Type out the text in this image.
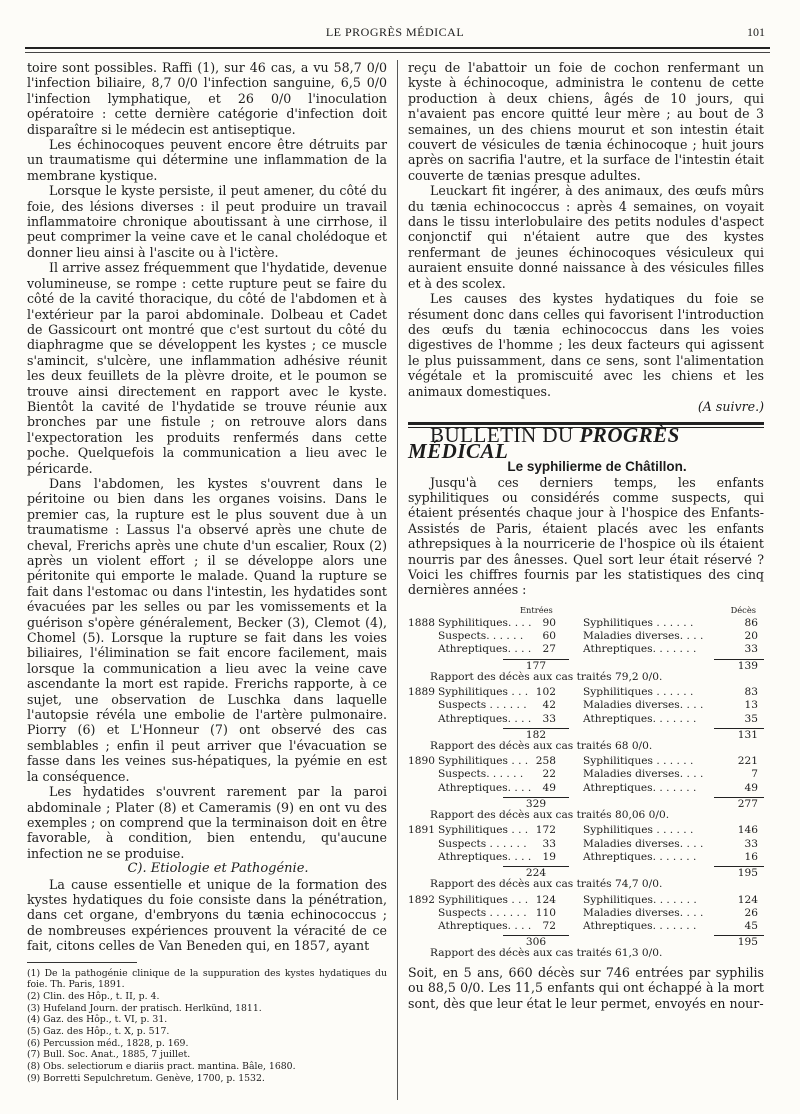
LE PROGRÈS MÉDICAL	101

toire sont possibles. Raffi (1), sur 46 cas, a vu 58,7 0/0 l'infection biliaire, 8,7 0/0 l'infection sanguine, 6,5 0/0 l'infection lymphatique, et 26 0/0 l'inoculation opératoire : cette dernière catégorie d'infection doit disparaître si le médecin est antiseptique.

Les échinocoques peuvent encore être détruits par un traumatisme qui détermine une inflammation de la membrane kystique.

Lorsque le kyste persiste, il peut amener, du côté du foie, des lésions diverses : il peut produire un travail inflammatoire chronique aboutissant à une cirrhose, il peut comprimer la veine cave et le canal cholédoque et donner lieu ainsi à l'ascite ou à l'ictère.

Il arrive assez fréquemment que l'hydatide, devenue volumineuse, se rompe : cette rupture peut se faire du côté de la cavité thoracique, du côté de l'abdomen et à l'extérieur par la paroi abdominale. Dolbeau et Cadet de Gassicourt ont montré que c'est surtout du côté du diaphragme que se développent les kystes ; ce muscle s'amincit, s'ulcère, une inflammation adhésive réunit les deux feuillets de la plèvre droite, et le poumon se trouve ainsi directement en rapport avec le kyste. Bientôt la cavité de l'hydatide se trouve réunie aux bronches par une fistule ; on retrouve alors dans l'expectoration les produits renfermés dans cette poche. Quelquefois la communication a lieu avec le péricarde.

Dans l'abdomen, les kystes s'ouvrent dans le péritoine ou bien dans les organes voisins. Dans le premier cas, la rupture est le plus souvent due à un traumatisme : Lassus l'a observé après une chute de cheval, Frerichs après une chute d'un escalier, Roux (2) après un violent effort ; il se développe alors une péritonite qui emporte le malade. Quand la rupture se fait dans l'estomac ou dans l'intestin, les hydatides sont évacuées par les selles ou par les vomissements et la guérison s'opère généralement, Becker (3), Clemot (4), Chomel (5). Lorsque la rupture se fait dans les voies biliaires, l'élimination se fait encore facilement, mais lorsque la communication a lieu avec la veine cave ascendante la mort est rapide. Frerichs rapporte, à ce sujet, une observation de Luschka dans laquelle l'autopsie révéla une embolie de l'artère pulmonaire. Piorry (6) et L'Honneur (7) ont observé des cas semblables ; enfin il peut arriver que l'évacuation se fasse dans les veines sus-hépatiques, la pyémie en est la conséquence.

Les hydatides s'ouvrent rarement par la paroi abdominale ; Plater (8) et Cameramis (9) en ont vu des exemples ; on comprend que la terminaison doit en être favorable, à condition, bien entendu, qu'aucune infection ne se produise.

C). Etiologie et Pathogénie.

La cause essentielle et unique de la formation des kystes hydatiques du foie consiste dans la pénétration, dans cet organe, d'embryons du tænia echinococcus ; de nombreuses expériences prouvent la véracité de ce fait, citons celles de Van Beneden qui, en 1857, ayant

(1) De la pathogénie clinique de la suppuration des kystes hydatiques du foie. Th. Paris, 1891.

(2) Clin. des Hôp., t. II, p. 4.

(3) Hufeland Journ. der pratisch. Herlkünd, 1811.

(4) Gaz. des Hôp., t. VI, p. 31.

(5) Gaz. des Hôp., t. X, p. 517.

(6) Percussion méd., 1828, p. 169.

(7) Bull. Soc. Anat., 1885, 7 juillet.

(8) Obs. selectiorum e diariis pract. mantina. Bâle, 1680.

(9) Borretti Sepulchretum. Genève, 1700, p. 1532.

reçu de l'abattoir un foie de cochon renfermant un kyste à échinocoque, administra le contenu de cette production à deux chiens, âgés de 10 jours, qui n'avaient pas encore quitté leur mère ; au bout de 3 semaines, un des chiens mourut et son intestin était couvert de vésicules de tænia échinocoque ; huit jours après on sacrifia l'autre, et la surface de l'intestin était couverte de tænias presque adultes.

Leuckart fit ingérer, à des animaux, des œufs mûrs du tænia echinococcus : après 4 semaines, on voyait dans le tissu interlobulaire des petits nodules d'aspect conjonctif qui n'étaient autre que des kystes renfermant de jeunes échinocoques vésiculeux qui auraient ensuite donné naissance à des vésicules filles et à des scolex.

Les causes des kystes hydatiques du foie se résument donc dans celles qui favorisent l'introduction des œufs du tænia echinococcus dans les voies digestives de l'homme ; les deux facteurs qui agissent le plus puissamment, dans ce sens, sont l'alimentation végétale et la promiscuité avec les chiens et les animaux domestiques.

(A suivre.)

BULLETIN DU PROGRÈS MÉDICAL

Le syphilierme de Châtillon.

Jusqu'à ces derniers temps, les enfants syphilitiques ou considérés comme suspects, qui étaient présentés chaque jour à l'hospice des Enfants-Assistés de Paris, étaient placés avec les enfants athrepsiques à la nourricerie de l'hospice où ils étaient nourris par des ânesses. Quel sort leur était réservé ? Voici les chiffres fournis par les statistiques des cinq dernières années :

Entrées	Décès
1888 Syphilitiques. . . .	90	Syphilitiques . . . . . .	86
Suspects. . . . . .	60	Maladies diverses. . . .	20
Athreptiques. . . .	27	Athreptiques. . . . . . .	33
177	139

Rapport des décès aux cas traités 79,2 0/0.

1889 Syphilitiques . . . 102	Syphilitiques . . . . . .	83
Suspects . . . . . .	42	Maladies diverses. . . .	13
Athreptiques. . . .	33	Athreptiques. . . . . . .	35
182	131

Rapport des décès aux cas traités 68 0/0.

1890 Syphilitiques . . . 258	Syphilitiques . . . . . .	221
Suspects. . . . . .	22	Maladies diverses. . . .	7
Athreptiques. . . .	49	Athreptiques. . . . . . .	49
329	277

Rapport des décès aux cas traités 80,06 0/0.

1891 Syphilitiques . . . 172	Syphilitiques . . . . . .	146
Suspects . . . . . .	33	Maladies diverses. . . .	33
Athreptiques. . . .	19	Athreptiques. . . . . . .	16
224	195

Rapport des décès aux cas traités 74,7 0/0.

1892 Syphilitiques . . . 124	Syphilitiques. . . . . . .	124
Suspects . . . . . . 110	Maladies diverses. . . .	26
Athreptiques. . . .	72	Athreptiques. . . . . . .	45
306	195

Rapport des décès aux cas traités 61,3 0/0.

Soit, en 5 ans, 660 décès sur 746 entrées par syphilis ou 88,5 0/0. Les 11,5 enfants qui ont échappé à la mort sont, dès que leur état le leur permet, envoyés en nour-
